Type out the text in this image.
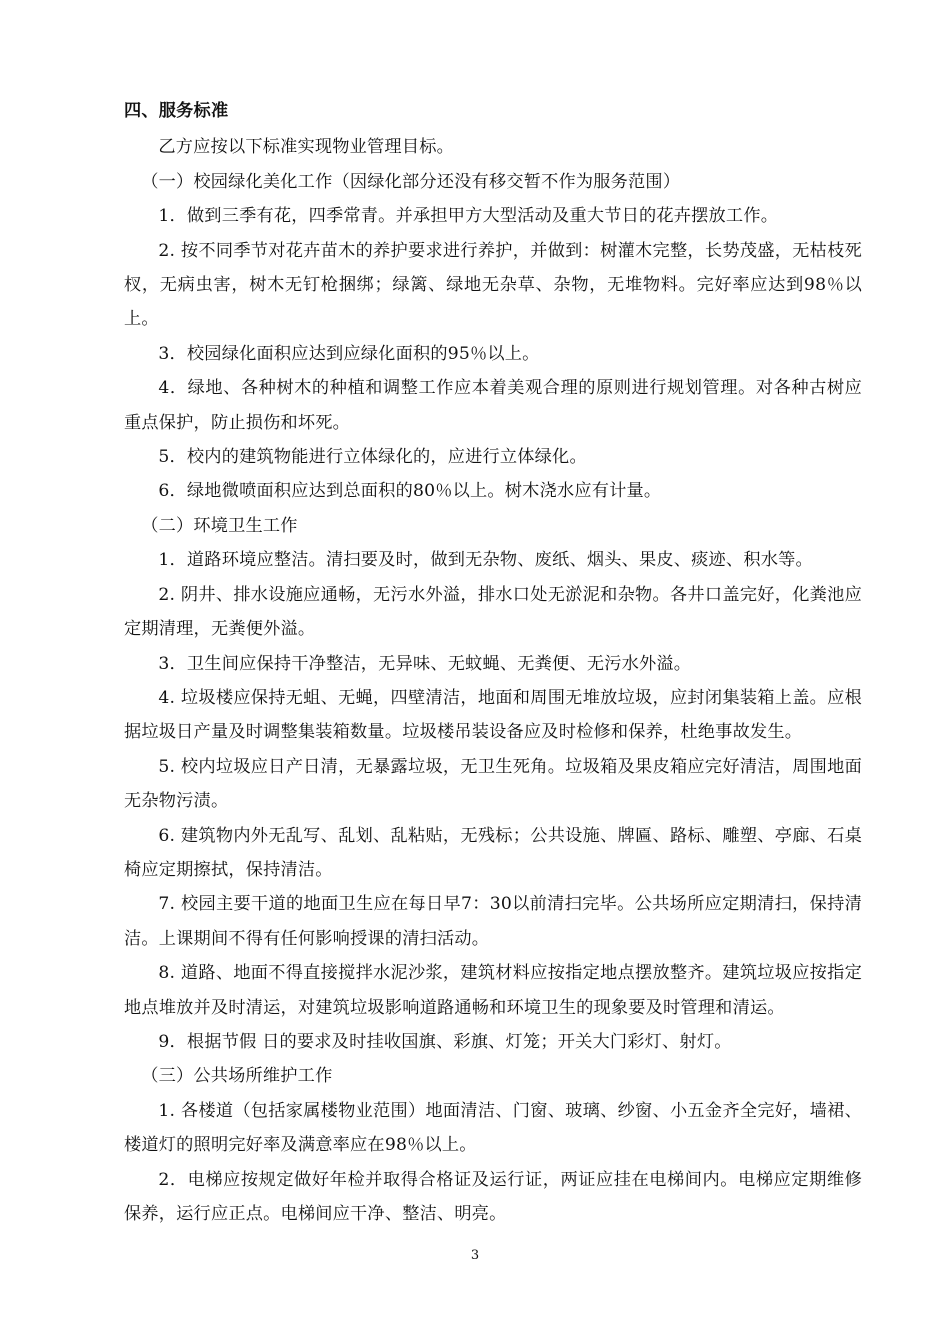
四、服务标准

乙方应按以下标准实现物业管理目标。

（一）校园绿化美化工作（因绿化部分还没有移交暂不作为服务范围）

1．做到三季有花，四季常青。并承担甲方大型活动及重大节日的花卉摆放工作。

2. 按不同季节对花卉苗木的养护要求进行养护，并做到：树灌木完整，长势茂盛，无枯枝死杈，无病虫害，树木无钉枪捆绑；绿篱、绿地无杂草、杂物，无堆物料。完好率应达到98％以上。

3．校园绿化面积应达到应绿化面积的95％以上。

4．绿地、各种树木的种植和调整工作应本着美观合理的原则进行规划管理。对各种古树应重点保护，防止损伤和坏死。

5．校内的建筑物能进行立体绿化的，应进行立体绿化。

6．绿地微喷面积应达到总面积的80％以上。树木浇水应有计量。

（二）环境卫生工作

1．道路环境应整洁。清扫要及时，做到无杂物、废纸、烟头、果皮、痰迹、积水等。

2. 阴井、排水设施应通畅，无污水外溢，排水口处无淤泥和杂物。各井口盖完好，化粪池应定期清理，无粪便外溢。

3．卫生间应保持干净整洁，无异味、无蚊蝇、无粪便、无污水外溢。

4. 垃圾楼应保持无蛆、无蝇，四壁清洁，地面和周围无堆放垃圾，应封闭集装箱上盖。应根据垃圾日产量及时调整集装箱数量。垃圾楼吊装设备应及时检修和保养，杜绝事故发生。

5. 校内垃圾应日产日清，无暴露垃圾，无卫生死角。垃圾箱及果皮箱应完好清洁，周围地面无杂物污渍。

6. 建筑物内外无乱写、乱划、乱粘贴，无残标；公共设施、牌匾、路标、雕塑、亭廊、石桌椅应定期擦拭，保持清洁。

7. 校园主要干道的地面卫生应在每日早7：30以前清扫完毕。公共场所应定期清扫，保持清洁。上课期间不得有任何影响授课的清扫活动。

8. 道路、地面不得直接搅拌水泥沙浆，建筑材料应按指定地点摆放整齐。建筑垃圾应按指定地点堆放并及时清运，对建筑垃圾影响道路通畅和环境卫生的现象要及时管理和清运。

9．根据节假 日的要求及时挂收国旗、彩旗、灯笼；开关大门彩灯、射灯。

（三）公共场所维护工作

1. 各楼道（包括家属楼物业范围）地面清洁、门窗、玻璃、纱窗、小五金齐全完好，墙裙、楼道灯的照明完好率及满意率应在98％以上。

2．电梯应按规定做好年检并取得合格证及运行证，两证应挂在电梯间内。电梯应定期维修保养，运行应正点。电梯间应干净、整洁、明亮。

3
